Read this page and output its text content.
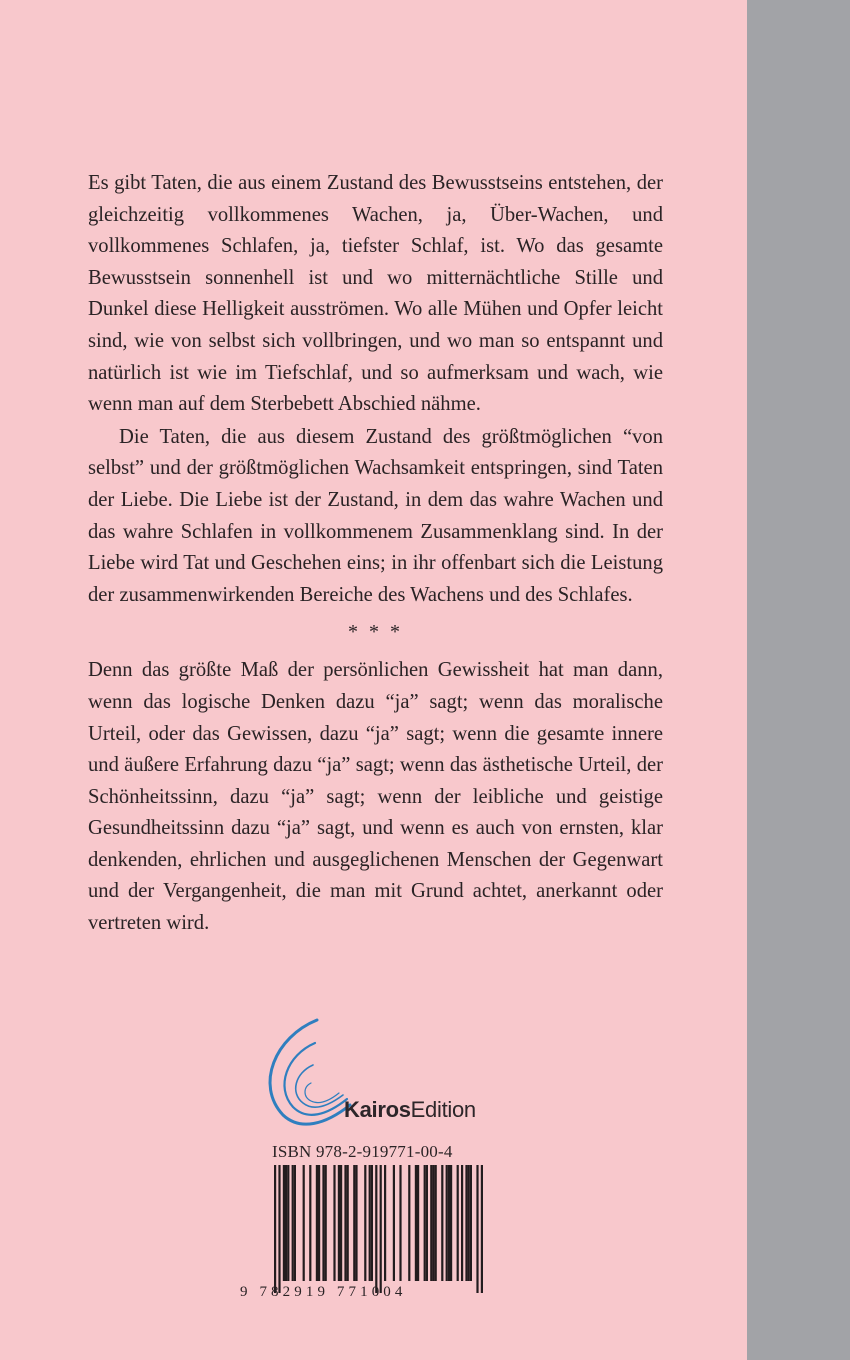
Es gibt Taten, die aus einem Zustand des Bewusstseins entstehen, der gleichzeitig vollkommenes Wachen, ja, Über-Wachen, und vollkommenes Schlafen, ja, tiefster Schlaf, ist. Wo das gesamte Bewusstsein sonnenhell ist und wo mitternächtliche Stille und Dunkel diese Helligkeit ausströmen. Wo alle Mühen und Opfer leicht sind, wie von selbst sich vollbringen, und wo man so entspannt und natürlich ist wie im Tiefschlaf, und so aufmerksam und wach, wie wenn man auf dem Sterbebett Abschied nähme.

Die Taten, die aus diesem Zustand des größtmöglichen “von selbst” und der größtmöglichen Wachsamkeit entspringen, sind Taten der Liebe. Die Liebe ist der Zustand, in dem das wahre Wachen und das wahre Schlafen in vollkommenem Zusammenklang sind. In der Liebe wird Tat und Geschehen eins; in ihr offenbart sich die Leistung der zusammenwirkenden Bereiche des Wachens und des Schlafes.

* * *

Denn das größte Maß der persönlichen Gewissheit hat man dann, wenn das logische Denken dazu “ja” sagt; wenn das moralische Urteil, oder das Gewissen, dazu “ja” sagt; wenn die gesamte innere und äußere Erfahrung dazu “ja” sagt; wenn das ästhetische Urteil, der Schönheitssinn, dazu “ja” sagt; wenn der leibliche und geistige Gesundheitssinn dazu “ja” sagt, und wenn es auch von ernsten, klar denkenden, ehrlichen und ausgeglichenen Menschen der Gegenwart und der Vergangenheit, die man mit Grund achtet, anerkannt oder vertreten wird.

KairosEdition
ISBN 978-2-919771-00-4
9 782919 771004
